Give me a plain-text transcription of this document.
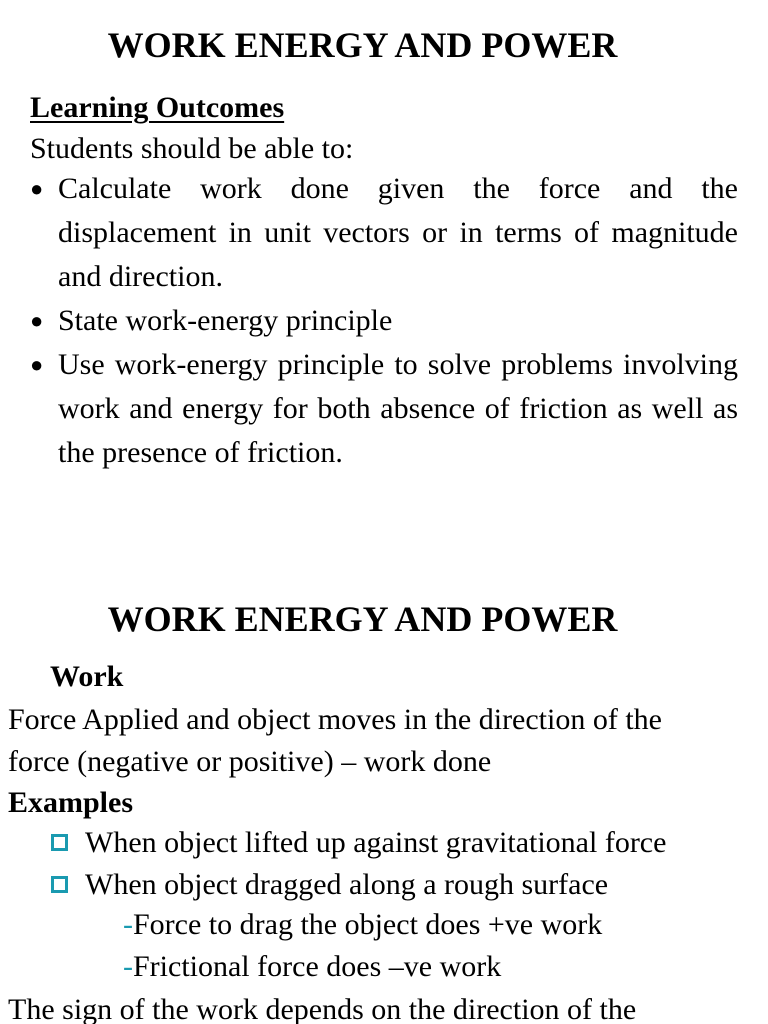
WORK ENERGY AND POWER
Learning Outcomes
Students should be able to:
● Calculate work done given the force and the displacement in unit vectors or in terms of magnitude and direction.
● State work-energy principle
● Use work-energy principle to solve problems involving work and energy for both absence of friction as well as the presence of friction.
WORK ENERGY AND POWER
Work
Force Applied and object moves in the direction of the
force (negative or positive) – work done
Examples
When object lifted up against gravitational force
When object dragged along a rough surface
-Force to drag the object does +ve work
-Frictional force does –ve work
The sign of the work depends on the direction of the
